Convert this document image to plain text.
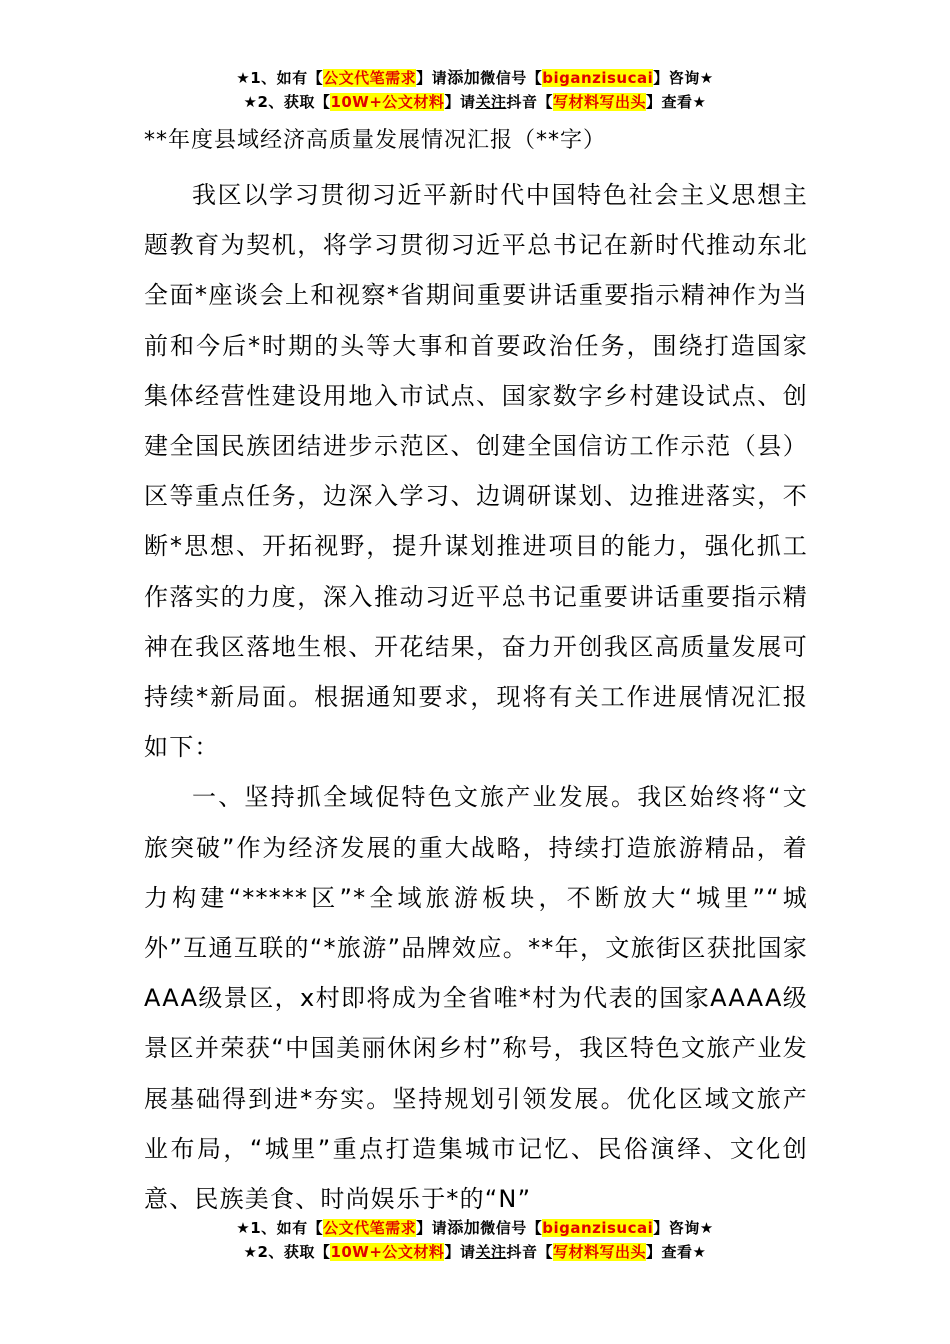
★1、如有【公文代笔需求】请添加微信号【biganzisucai】咨询★
★2、获取【10W+公文材料】请关注抖音【写材料写出头】查看★
**年度县域经济高质量发展情况汇报（**字）

我区以学习贯彻习近平新时代中国特色社会主义思想主题教育为契机，将学习贯彻习近平总书记在新时代推动东北全面*座谈会上和视察*省期间重要讲话重要指示精神作为当前和今后*时期的头等大事和首要政治任务，围绕打造国家集体经营性建设用地入市试点、国家数字乡村建设试点、创建全国民族团结进步示范区、创建全国信访工作示范（县）区等重点任务，边深入学习、边调研谋划、边推进落实，不断*思想、开拓视野，提升谋划推进项目的能力，强化抓工作落实的力度，深入推动习近平总书记重要讲话重要指示精神在我区落地生根、开花结果，奋力开创我区高质量发展可持续*新局面。根据通知要求，现将有关工作进展情况汇报如下：

一、坚持抓全域促特色文旅产业发展。我区始终将“文旅突破”作为经济发展的重大战略，持续打造旅游精品，着力构建“*****区”*全域旅游板块，不断放大“城里”“城外”互通互联的“*旅游”品牌效应。**年，文旅街区获批国家AAA级景区，x村即将成为全省唯*村为代表的国家AAAA级景区并荣获“中国美丽休闲乡村”称号，我区特色文旅产业发展基础得到进*夯实。坚持规划引领发展。优化区域文旅产业布局，“城里”重点打造集城市记忆、民俗演绎、文化创意、民族美食、时尚娱乐于*的“N”

★1、如有【公文代笔需求】请添加微信号【biganzisucai】咨询★
★2、获取【10W+公文材料】请关注抖音【写材料写出头】查看★
